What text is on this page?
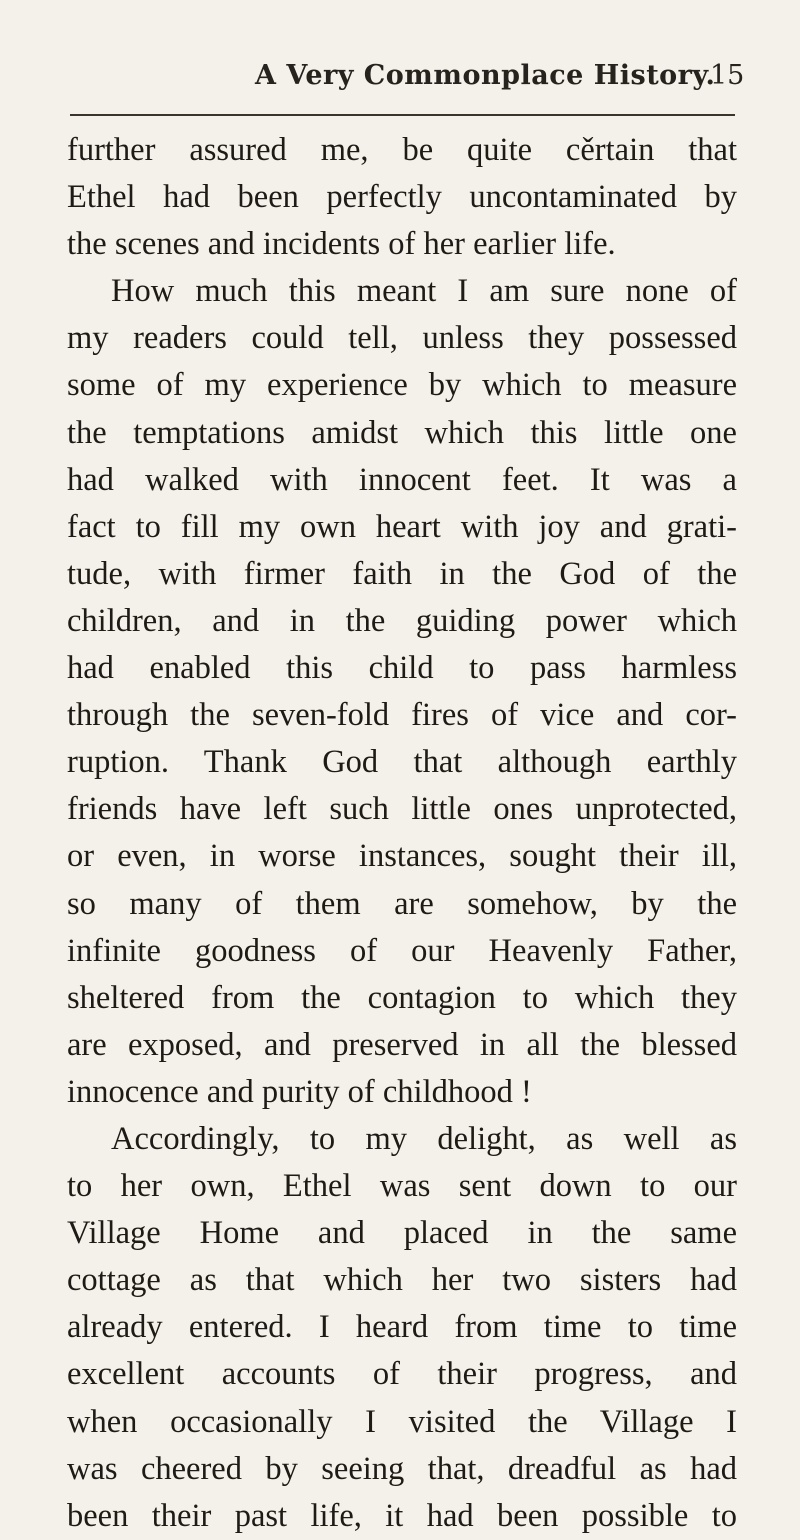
A Very Commonplace History.
15
further assured me, be quite cěrtain that
Ethel had been perfectly uncontaminated by
the scenes and incidents of her earlier life.
How much this meant I am sure none of
my readers could tell, unless they possessed
some of my experience by which to measure
the temptations amidst which this little one
had walked with innocent feet. It was a
fact to fill my own heart with joy and grati-
tude, with firmer faith in the God of the
children, and in the guiding power which
had enabled this child to pass harmless
through the seven-fold fires of vice and cor-
ruption. Thank God that although earthly
friends have left such little ones unprotected,
or even, in worse instances, sought their ill,
so many of them are somehow, by the
infinite goodness of our Heavenly Father,
sheltered from the contagion to which they
are exposed, and preserved in all the blessed
innocence and purity of childhood !
Accordingly, to my delight, as well as
to her own, Ethel was sent down to our
Village Home and placed in the same
cottage as that which her two sisters had
already entered. I heard from time to time
excellent accounts of their progress, and
when occasionally I visited the Village I
was cheered by seeing that, dreadful as had
been their past life, it had been possible to
